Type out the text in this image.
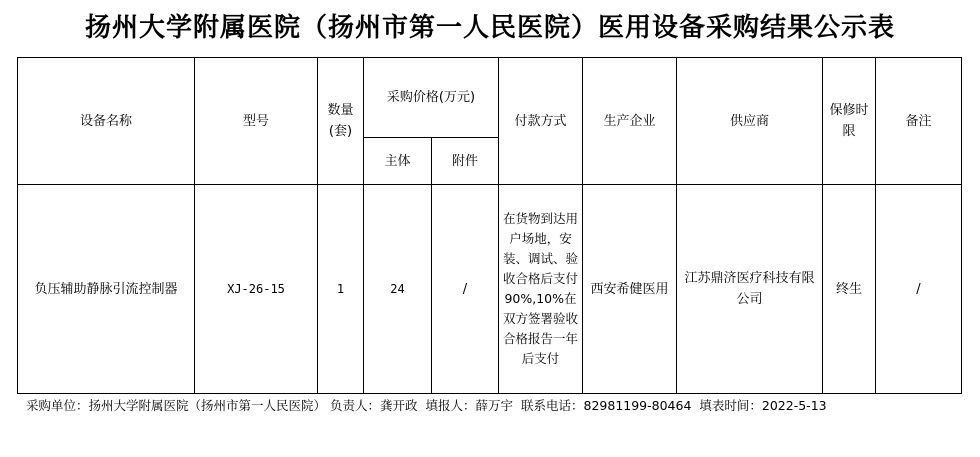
扬州大学附属医院（扬州市第一人民医院）医用设备采购结果公示表
设备名称	型号	数量(套)	采购价格(万元)		付款方式	生产企业	供应商	保修时限	备注
			主体	附件					
负压辅助静脉引流控制器	XJ-26-15	1	24	/	在货物到达用户场地，安装、调试、验收合格后支付 90%,10%在双方签署验收合格报告一年后支付	西安希健医用	江苏鼎济医疗科技有限公司	终生	/
采购单位：扬州大学附属医院（扬州市第一人民医院） 负责人：龚开政 填报人：薛万宇 联系电话：82981199-80464 填表时间：2022-5-13
